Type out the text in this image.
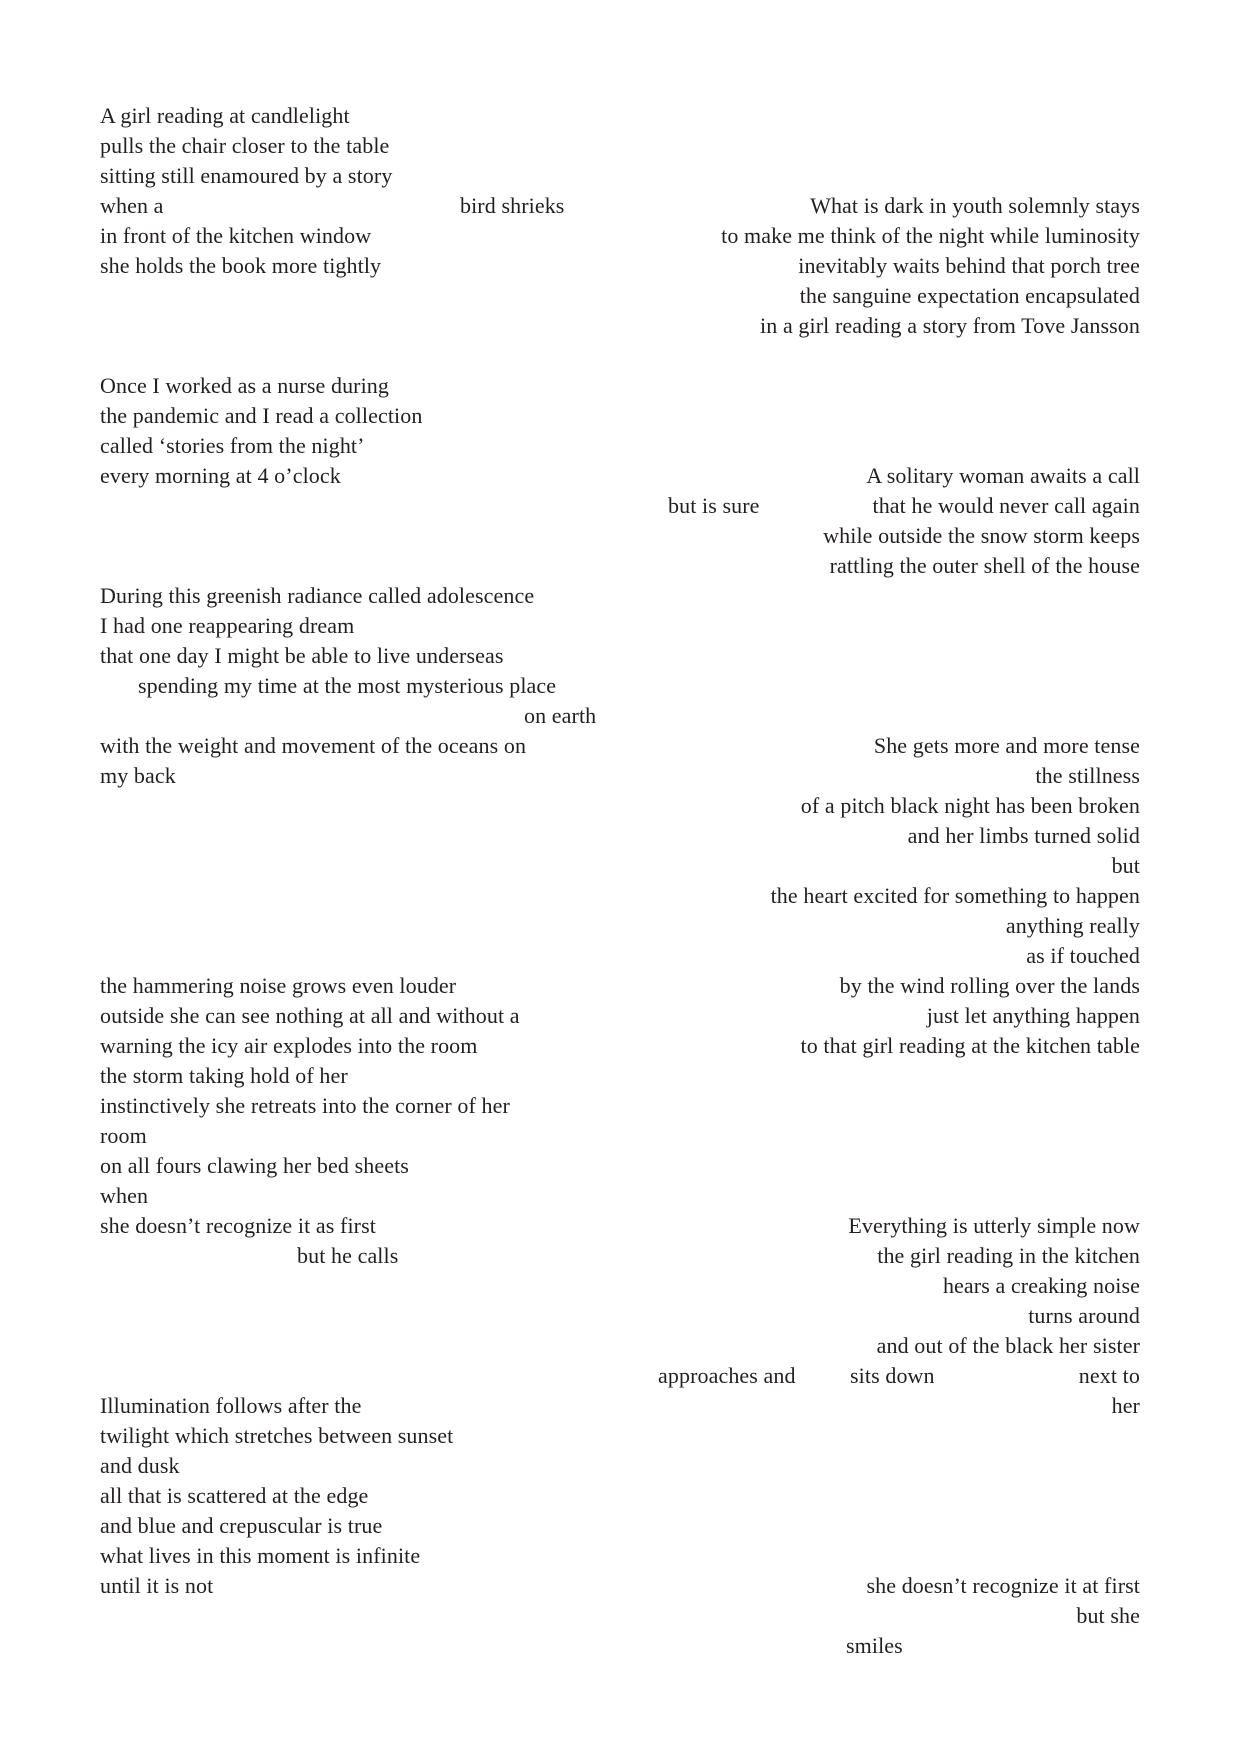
A girl reading at candlelight
pulls the chair closer to the table
sitting still enamoured by a story
when a	bird shrieks
in front of the kitchen window
she holds the book more tightly
Once I worked as a nurse during
the pandemic and I read a collection
called ‘stories from the night’
every morning at 4 o’clock
During this greenish radiance called adolescence
I had one reappearing dream
that one day I might be able to live underseas
spending my time at the most mysterious place
on earth
with the weight and movement of the oceans on
my back
the hammering noise grows even louder
outside she can see nothing at all and without a
warning the icy air explodes into the room
the storm taking hold of her
instinctively she retreats into the corner of her
room
on all fours clawing her bed sheets
when
she doesn’t recognize it as first
but he calls
Illumination follows after the
twilight which stretches between sunset
and dusk
all that is scattered at the edge
and blue and crepuscular is true
what lives in this moment is infinite
until it is not
What is dark in youth solemnly stays
to make me think of the night while luminosity
inevitably waits behind that porch tree
the sanguine expectation encapsulated
in a girl reading a story from Tove Jansson
A solitary woman awaits a call
that he would never call again
while outside the snow storm keeps
rattling the outer shell of the house
She gets more and more tense
the stillness
of a pitch black night has been broken
and her limbs turned solid
but
the heart excited for something to happen
anything really
as if touched
by the wind rolling over the lands
just let anything happen
to that girl reading at the kitchen table
Everything is utterly simple now
the girl reading in the kitchen
hears a creaking noise
turns around
and out of the black her sister
next to
her
she doesn’t recognize it at first
but she
but is sure
approaches and sits down
smiles
